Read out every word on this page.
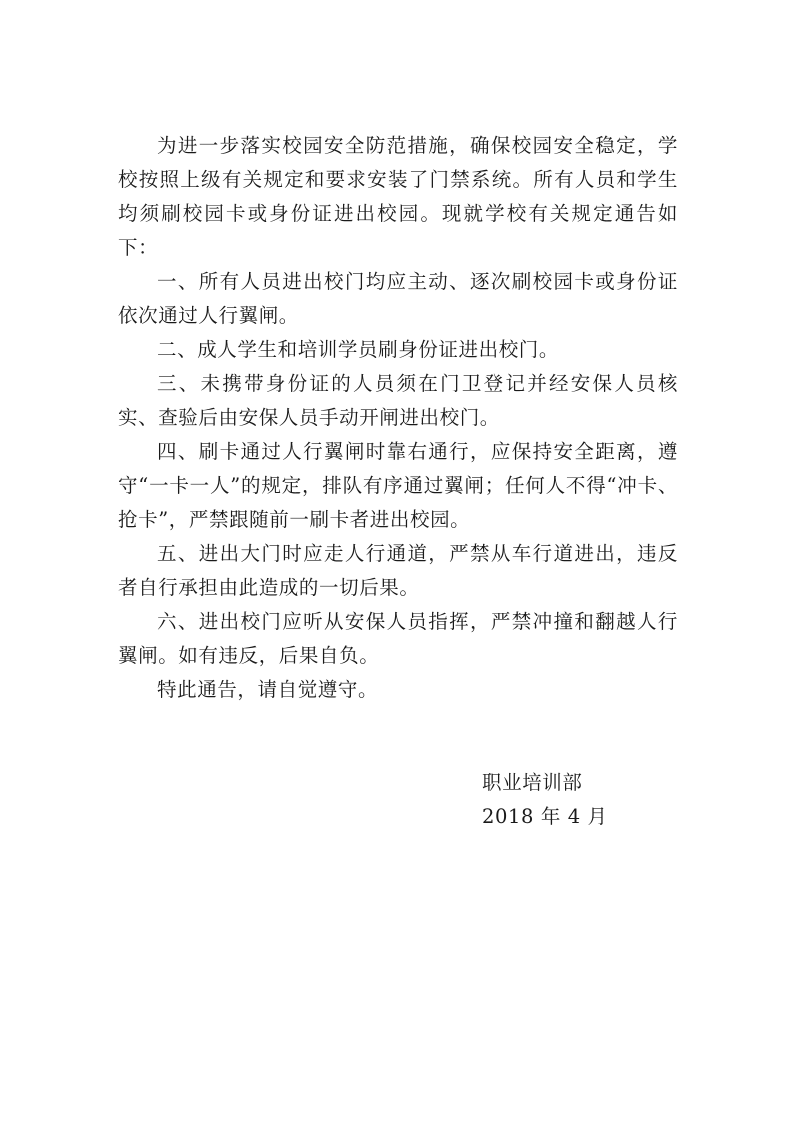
为进一步落实校园安全防范措施，确保校园安全稳定，学校按照上级有关规定和要求安装了门禁系统。所有人员和学生均须刷校园卡或身份证进出校园。现就学校有关规定通告如下：

一、所有人员进出校门均应主动、逐次刷校园卡或身份证依次通过人行翼闸。

二、成人学生和培训学员刷身份证进出校门。

三、未携带身份证的人员须在门卫登记并经安保人员核实、查验后由安保人员手动开闸进出校门。

四、刷卡通过人行翼闸时靠右通行，应保持安全距离，遵守“一卡一人”的规定，排队有序通过翼闸；任何人不得“冲卡、抢卡”，严禁跟随前一刷卡者进出校园。

五、进出大门时应走人行通道，严禁从车行道进出，违反者自行承担由此造成的一切后果。

六、进出校门应听从安保人员指挥，严禁冲撞和翻越人行翼闸。如有违反，后果自负。

特此通告，请自觉遵守。

职业培训部
2018 年 4 月
